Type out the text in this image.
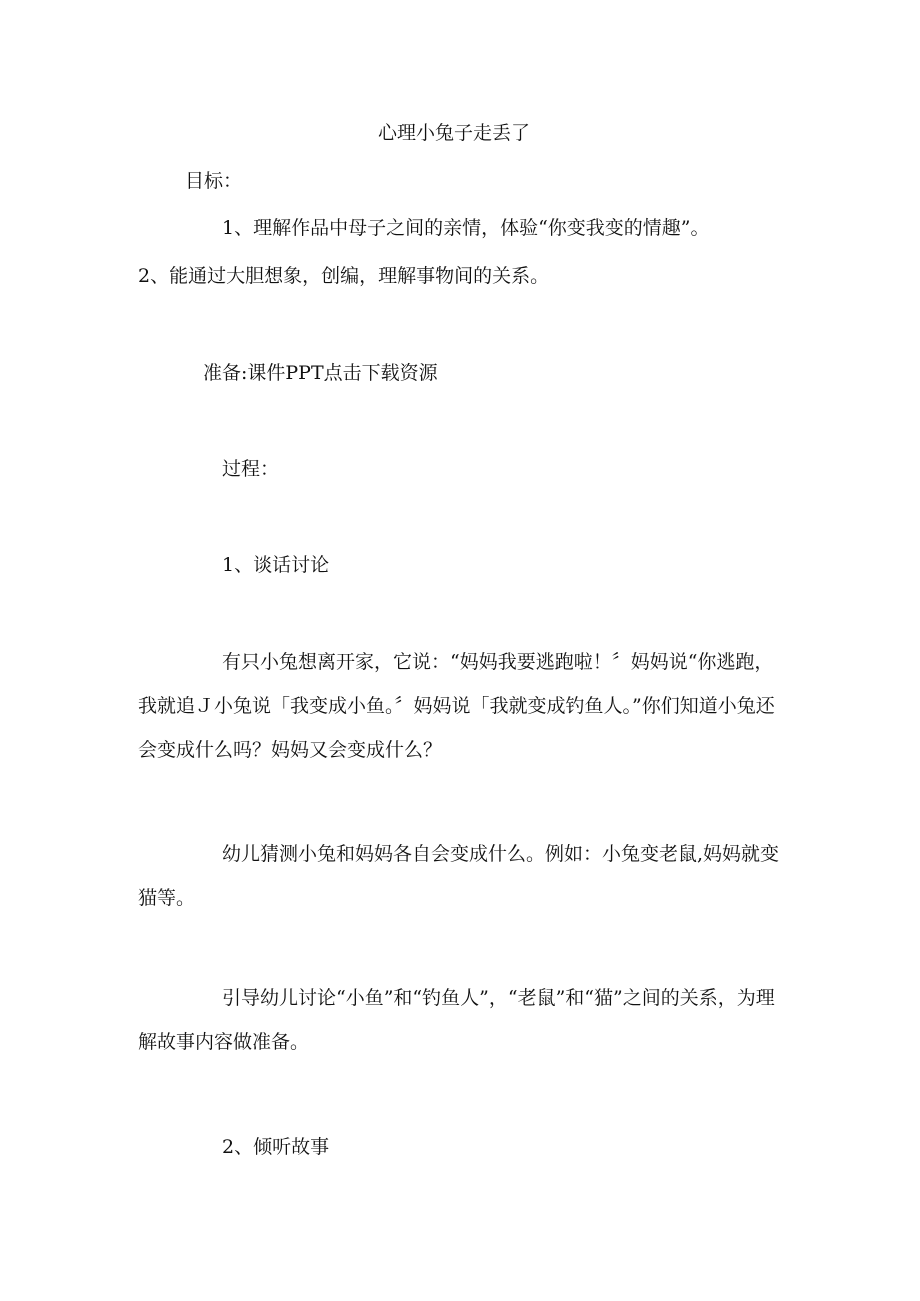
心理小兔子走丢了

目标：

1、理解作品中母子之间的亲情，体验“你变我变的情趣”。

2、能通过大胆想象，创编，理解事物间的关系。

准备:课件PPT点击下载资源

过程：

1、谈话讨论

有只小兔想离开家，它说：“妈妈我要逃跑啦！〞妈妈说“你逃跑，我就追Ｊ小兔说「我变成小鱼。〞妈妈说「我就变成钓鱼人。”你们知道小兔还会变成什么吗？妈妈又会变成什么？

幼儿猜测小兔和妈妈各自会变成什么。例如：小兔变老鼠,妈妈就变猫等。

引导幼儿讨论“小鱼”和“钓鱼人”，“老鼠”和“猫”之间的关系，为理解故事内容做准备。

2、倾听故事
